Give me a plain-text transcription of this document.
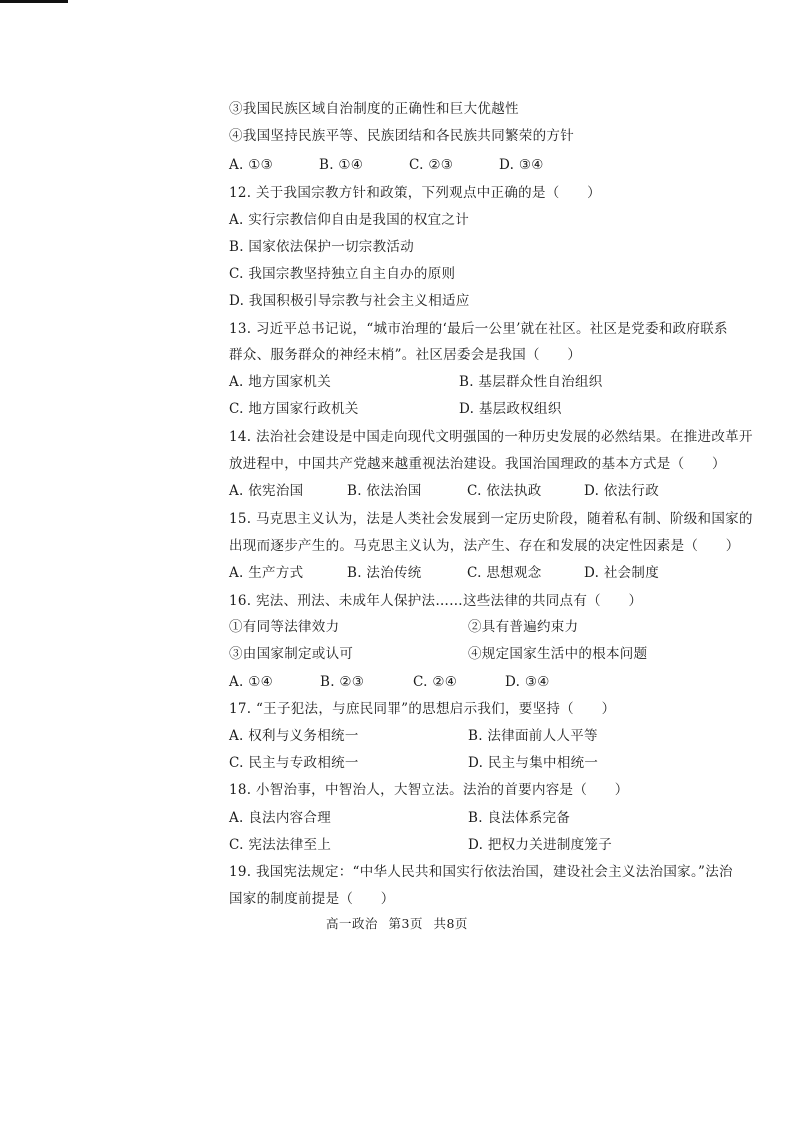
③我国民族区域自治制度的正确性和巨大优越性
④我国坚持民族平等、民族团结和各民族共同繁荣的方针
A. ①③	B. ①④	C. ②③	D. ③④
12. 关于我国宗教方针和政策，下列观点中正确的是（　　）
A. 实行宗教信仰自由是我国的权宜之计
B. 国家依法保护一切宗教活动
C. 我国宗教坚持独立自主自办的原则
D. 我国积极引导宗教与社会主义相适应
13. 习近平总书记说，“城市治理的‘最后一公里’就在社区。社区是党委和政府联系
群众、服务群众的神经末梢”。社区居委会是我国（　　）
A. 地方国家机关	B. 基层群众性自治组织
C. 地方国家行政机关	D. 基层政权组织
14. 法治社会建设是中国走向现代文明强国的一种历史发展的必然结果。在推进改革开
放进程中，中国共产党越来越重视法治建设。我国治国理政的基本方式是（　　）
A. 依宪治国	B. 依法治国	C. 依法执政	D. 依法行政
15. 马克思主义认为，法是人类社会发展到一定历史阶段，随着私有制、阶级和国家的
出现而逐步产生的。马克思主义认为，法产生、存在和发展的决定性因素是（　　）
A. 生产方式	B. 法治传统	C. 思想观念	D. 社会制度
16. 宪法、刑法、未成年人保护法……这些法律的共同点有（　　）
①有同等法律效力	②具有普遍约束力
③由国家制定或认可	④规定国家生活中的根本问题
A. ①④	B. ②③	C. ②④	D. ③④
17. “王子犯法，与庶民同罪”的思想启示我们，要坚持（　　）
A. 权利与义务相统一	B. 法律面前人人平等
C. 民主与专政相统一	D. 民主与集中相统一
18. 小智治事，中智治人，大智立法。法治的首要内容是（　　）
A. 良法内容合理	B. 良法体系完备
C. 宪法法律至上	D. 把权力关进制度笼子
19. 我国宪法规定：“中华人民共和国实行依法治国，建设社会主义法治国家。”法治
国家的制度前提是（　　）
高一政治 第3页 共8页
